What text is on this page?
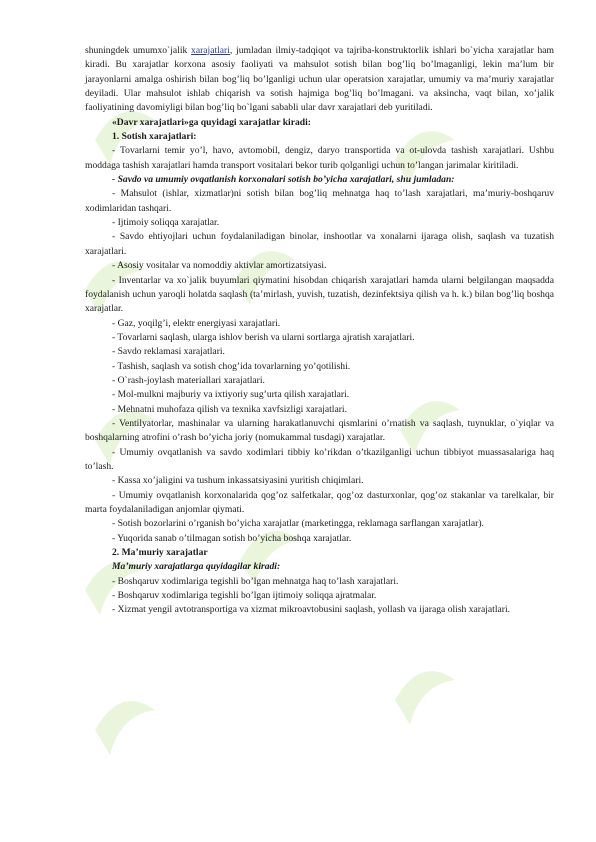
shuningdek umumxo`jalik xarajatlari, jumladan ilmiy-tadqiqot va tajriba-konstruktorlik ishlari bo`yicha xarajatlar ham kiradi. Bu xarajatlar korxona asosiy faoliyati va mahsulot sotish bilan bog’liq bo’lmaganligi, lekin ma’lum bir jarayonlarni amalga oshirish bilan bog’liq bo’lganligi uchun ular operatsion xarajatlar, umumiy va ma’muriy xarajatlar deyiladi. Ular mahsulot ishlab chiqarish va sotish hajmiga bog’liq bo’lmagani. va aksincha, vaqt bilan, xo’jalik faoliyatining davomiyligi bilan bog’liq bo`lgani sababli ular davr xarajatlari deb yuritiladi.

«Davr xarajatlari»ga quyidagi xarajatlar kiradi:

1. Sotish xarajatlari:

- Tovarlarni temir yo’l, havo, avtomobil, dengiz, daryo transportida va ot-ulovda tashish xarajatlari. Ushbu moddaga tashish xarajatlari hamda transport vositalari bekor turib qolganligi uchun to’langan jarimalar kiritiladi.

- Savdo va umumiy ovqatlanish korxonalari sotish bo’yicha xarajatlari, shu jumladan:

- Mahsulot (ishlar, xizmatlar)ni sotish bilan bog’liq mehnatga haq to’lash xarajatlari, ma’muriy-boshqaruv xodimlaridan tashqari.

- Ijtimoiy soliqqa xarajatlar.

- Savdo ehtiyojlari uchun foydalaniladigan binolar, inshootlar va xonalarni ijaraga olish, saqlash va tuzatish xarajatlari.

- Asosiy vositalar va nomoddiy aktivlar amortizatsiyasi.

- Inventarlar va xo`jalik buyumlari qiymatini hisobdan chiqarish xarajatlari hamda ularni belgilangan maqsadda foydalanish uchun yaroqli holatda saqlash (ta’mirlash, yuvish, tuzatish, dezinfektsiya qilish va h. k.) bilan bog’liq boshqa xarajatlar.

- Gaz, yoqilg’i, elektr energiyasi xarajatlari.

- Tovarlarni saqlash, ularga ishlov berish va ularni sortlarga ajratish xarajatlari.

- Savdo reklamasi xarajatlari.

- Tashish, saqlash va sotish chog’ida tovarlarning yo’qotilishi.

- O`rash-joylash materiallari xarajatlari.

- Mol-mulkni majburiy va ixtiyoriy sug’urta qilish xarajatlari.

- Mehnatni muhofaza qilish va texnika xavfsizligi xarajatlari.

- Ventilyatorlar, mashinalar va ularning harakatlanuvchi qismlarini o’rnatish va saqlash, tuynuklar, o`yiqlar va boshqalarning atrofini o’rash bo’yicha joriy (nomukammal tusdagi) xarajatlar.

- Umumiy ovqatlanish va savdo xodimlari tibbiy ko’rikdan o’tkazilganligi uchun tibbiyot muassasalariga haq to’lash.

- Kassa xo’jaligini va tushum inkassatsiyasini yuritish chiqimlari.

- Umumiy ovqatlanish korxonalarida qog’oz salfetkalar, qog’oz dasturxonlar, qog’oz stakanlar va tarelkalar, bir marta foydalaniladigan anjomlar qiymati.

- Sotish bozorlarini o’rganish bo’yicha xarajatlar (marketingga, reklamaga sarflangan xarajatlar).

- Yuqorida sanab o’tilmagan sotish bo’yicha boshqa xarajatlar.

2. Ma’muriy xarajatlar

Ma’muriy xarajatlarga quyidagilar kiradi:

- Boshqaruv xodimlariga tegishli bo’lgan mehnatga haq to’lash xarajatlari.

- Boshqaruv xodimlariga tegishli bo’lgan ijtimoiy soliqqa ajratmalar.

- Xizmat yengil avtotransportiga va xizmat mikroavtobusini saqlash, yollash va ijaraga olish xarajatlari.
